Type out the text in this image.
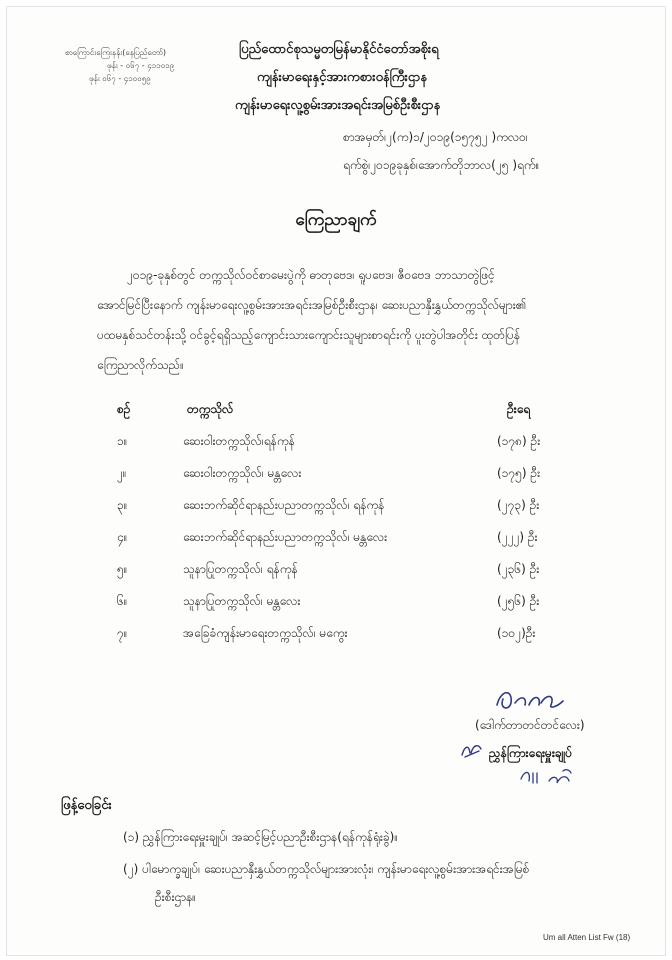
စာကြောင်းကြေးနန်း(နေပြည်တော်)
ဖုန်း - ၀၆၇ - ၄၁၁၀၁၉
ဖုန်း ၀၆၇ - ၄၁၀၀၅၉
ပြည်ထောင်စုသမ္မတမြန်မာနိုင်ငံတော်အစိုးရ
ကျန်းမာရေးနှင့်အားကစားဝန်ကြီးဌာန
ကျန်းမာရေးလူ့စွမ်းအားအရင်းအမြစ်ဦးစီးဌာန
စာအမှတ်၊၂(က)၁/၂၀၁၉(၁၅၇၅၂ )ကလဝ၊
ရက်စွဲ၊၂၀၁၉ခုနှစ်၊အောက်တိုဘာလ(၂၅ )ရက်။
ကြေညာချက်
၂၀၁၉-ခုနှစ်တွင် တက္ကသိုလ်ဝင်စာမေးပွဲကို ဓာတုဗေဒ၊ ရူပဗေဒ၊ ဇီဝဗေဒ ဘာသာတွဲဖြင့်
အောင်မြင်ပြီးနောက် ကျန်းမာရေးလူ့စွမ်းအားအရင်းအမြစ်ဦးစီးဌာန၊ ဆေးပညာနှီးနွှယ်တက္ကသိုလ်များ၏
ပထမနှစ်သင်တန်းသို့ ဝင်ခွင့်ရရှိသည့်ကျောင်းသားကျောင်းသူများစာရင်းကို ပူးတွဲပါအတိုင်း ထုတ်ပြန်
ကြေညာလိုက်သည်။
စဉ်	တက္ကသိုလ်	ဦးရေ
၁။	ဆေးဝါးတက္ကသိုလ်၊ရန်ကုန်	(၁၇၈) ဦး
၂။	ဆေးဝါးတက္ကသိုလ်၊ မန္တလေး	(၁၇၅) ဦး
၃။	ဆေးဘက်ဆိုင်ရာနည်းပညာတက္ကသိုလ်၊ ရန်ကုန်	(၂၇၃) ဦး
၄။	ဆေးဘက်ဆိုင်ရာနည်းပညာတက္ကသိုလ်၊ မန္တလေး	(၂၂၂) ဦး
၅။	သူနာပြုတက္ကသိုလ်၊ ရန်ကုန်	(၂၃၆) ဦး
၆။	သူနာပြုတက္ကသိုလ်၊ မန္တလေး	(၂၅၆) ဦး
၇။	အခြေခံကျန်းမာရေးတက္ကသိုလ်၊ မကွေး	(၁၀၂)ဦး
(ဒေါက်တာတင်တင်လေး)
ညွှန်ကြားရေးမှူးချုပ်
ဖြန့်ဝေခြင်း
(၁) ညွှန်ကြားရေးမှူးချုပ်၊ အဆင့်မြင့်ပညာဦးစီးဌာန(ရန်ကုန်ရုံးခွဲ)။
(၂) ပါမောက္ခချုပ်၊ ဆေးပညာနှီးနွှယ်တက္ကသိုလ်များအားလုံး၊ ကျန်းမာရေးလူ့စွမ်းအားအရင်းအမြစ်
ဦးစီးဌာန။
Um all Atten List Fw (18)
